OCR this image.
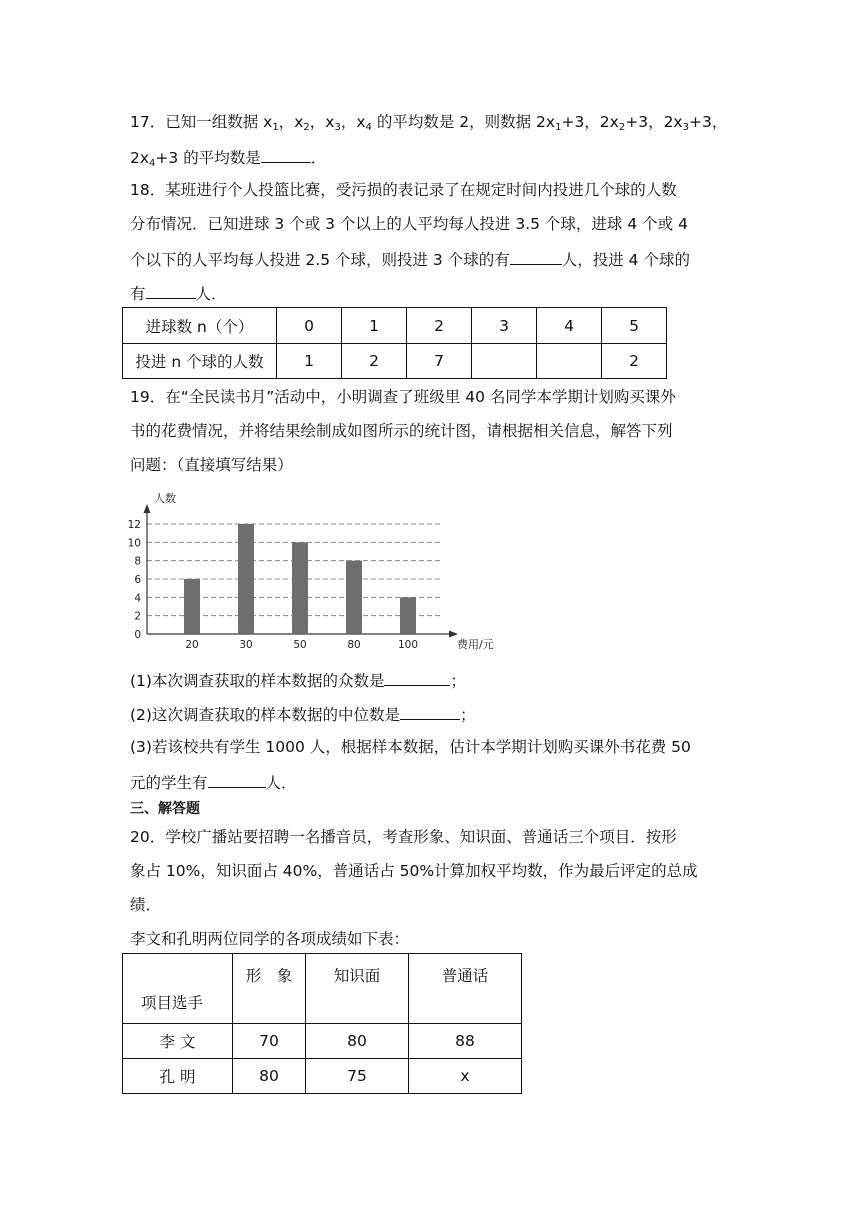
17．已知一组数据 $x_1$，$x_2$，$x_3$，$x_4$ 的平均数是 2，则数据 $2x_1+3$，$2x_2+3$，$2x_3+3$，
$2x_4+3$ 的平均数是	．
18．某班进行个人投篮比赛，受污损的表记录了在规定时间内投进几个球的人数
分布情况．已知进球 3 个或 3 个以上的人平均每人投进 3.5 个球，进球 4 个或 4
个以下的人平均每人投进 2.5 个球，则投进 3 个球的有	人，投进 4 个球的
有	人．
进球数 n（个）	0	1	2	3	4	5
投进 n 个球的人数	1	2	7			2
19．在“全民读书月”活动中，小明调查了班级里 40 名同学本学期计划购买课外
书的花费情况，并将结果绘制成如图所示的统计图，请根据相关信息，解答下列
问题：（直接填写结果）
0
2
4
6
8
10
12
20	30	50	80	100
人数
费用/元
(1)本次调查获取的样本数据的众数是	；
(2)这次调查获取的样本数据的中位数是	；
(3)若该校共有学生 1000 人，根据样本数据，估计本学期计划购买课外书花费 50
元的学生有	人．
三、解答题
20．学校广播站要招聘一名播音员，考查形象、知识面、普通话三个项目．按形
象占 10%，知识面占 40%，普通话占 50%计算加权平均数，作为最后评定的总成
绩．
李文和孔明两位同学的各项成绩如下表：
项目选手	形　象	知识面	普通话
李 文	70	80	88
孔 明	80	75	x
